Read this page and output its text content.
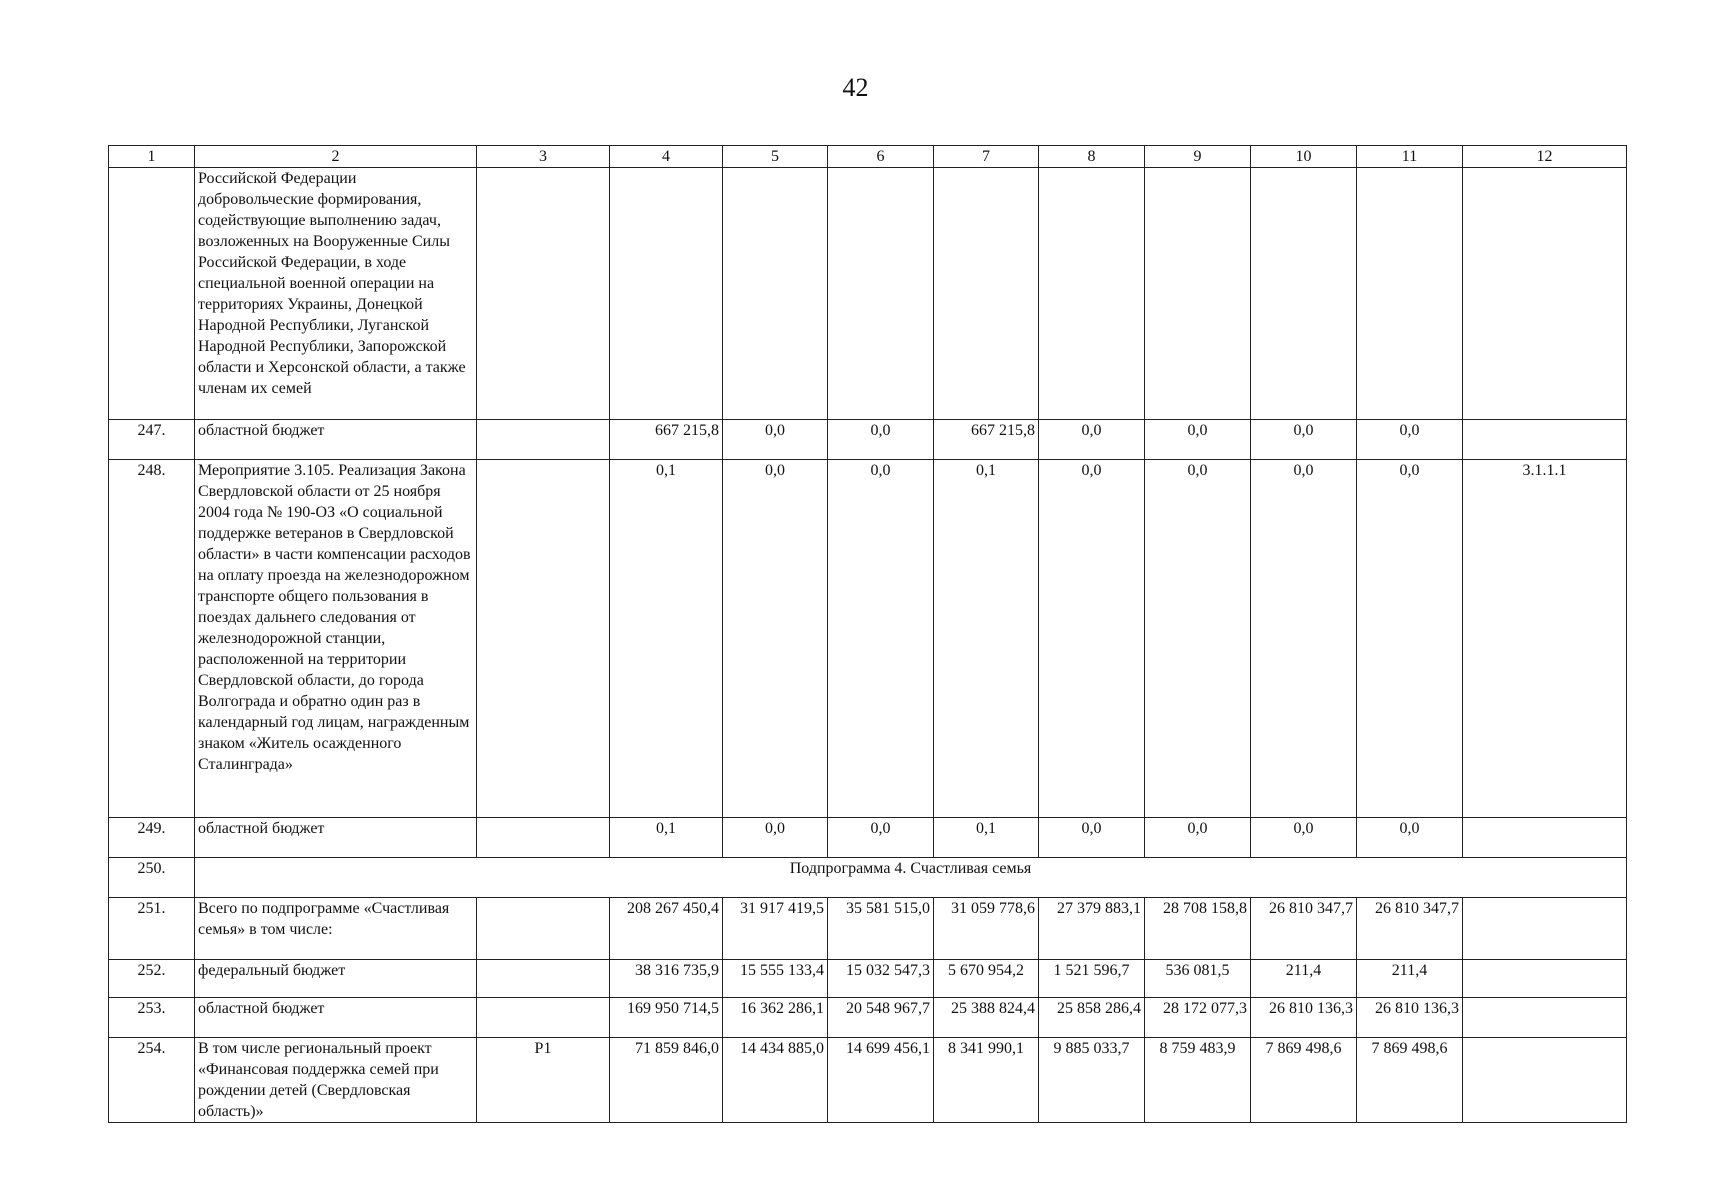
42
1	2	3	4	5	6	7	8	9	10	11	12
	Российской Федерации добровольческие формирования, содействующие выполнению задач, возложенных на Вооруженные Силы Российской Федерации, в ходе специальной военной операции на территориях Украины, Донецкой Народной Республики, Луганской Народной Республики, Запорожской области и Херсонской области, а также членам их семей										
247.	областной бюджет		667 215,8	0,0	0,0	667 215,8	0,0	0,0	0,0	0,0	
248.	Мероприятие 3.105. Реализация Закона Свердловской области от 25 ноября 2004 года № 190-ОЗ «О социальной поддержке ветеранов в Свердловской области» в части компенсации расходов на оплату проезда на железнодорожном транспорте общего пользования в поездах дальнего следования от железнодорожной станции, расположенной на территории Свердловской области, до города Волгограда и обратно один раз в календарный год лицам, награжденным знаком «Житель осажденного Сталинграда»		0,1	0,0	0,0	0,1	0,0	0,0	0,0	0,0	3.1.1.1
249.	областной бюджет		0,1	0,0	0,0	0,1	0,0	0,0	0,0	0,0	
250.	Подпрограмма 4. Счастливая семья										
251.	Всего по подпрограмме «Счастливая семья» в том числе:		208 267 450,4	31 917 419,5	35 581 515,0	31 059 778,6	27 379 883,1	28 708 158,8	26 810 347,7	26 810 347,7	
252.	федеральный бюджет		38 316 735,9	15 555 133,4	15 032 547,3	5 670 954,2	1 521 596,7	536 081,5	211,4	211,4	
253.	областной бюджет		169 950 714,5	16 362 286,1	20 548 967,7	25 388 824,4	25 858 286,4	28 172 077,3	26 810 136,3	26 810 136,3	
254.	В том числе региональный проект «Финансовая поддержка семей при рождении детей (Свердловская область)»	Р1	71 859 846,0	14 434 885,0	14 699 456,1	8 341 990,1	9 885 033,7	8 759 483,9	7 869 498,6	7 869 498,6	
